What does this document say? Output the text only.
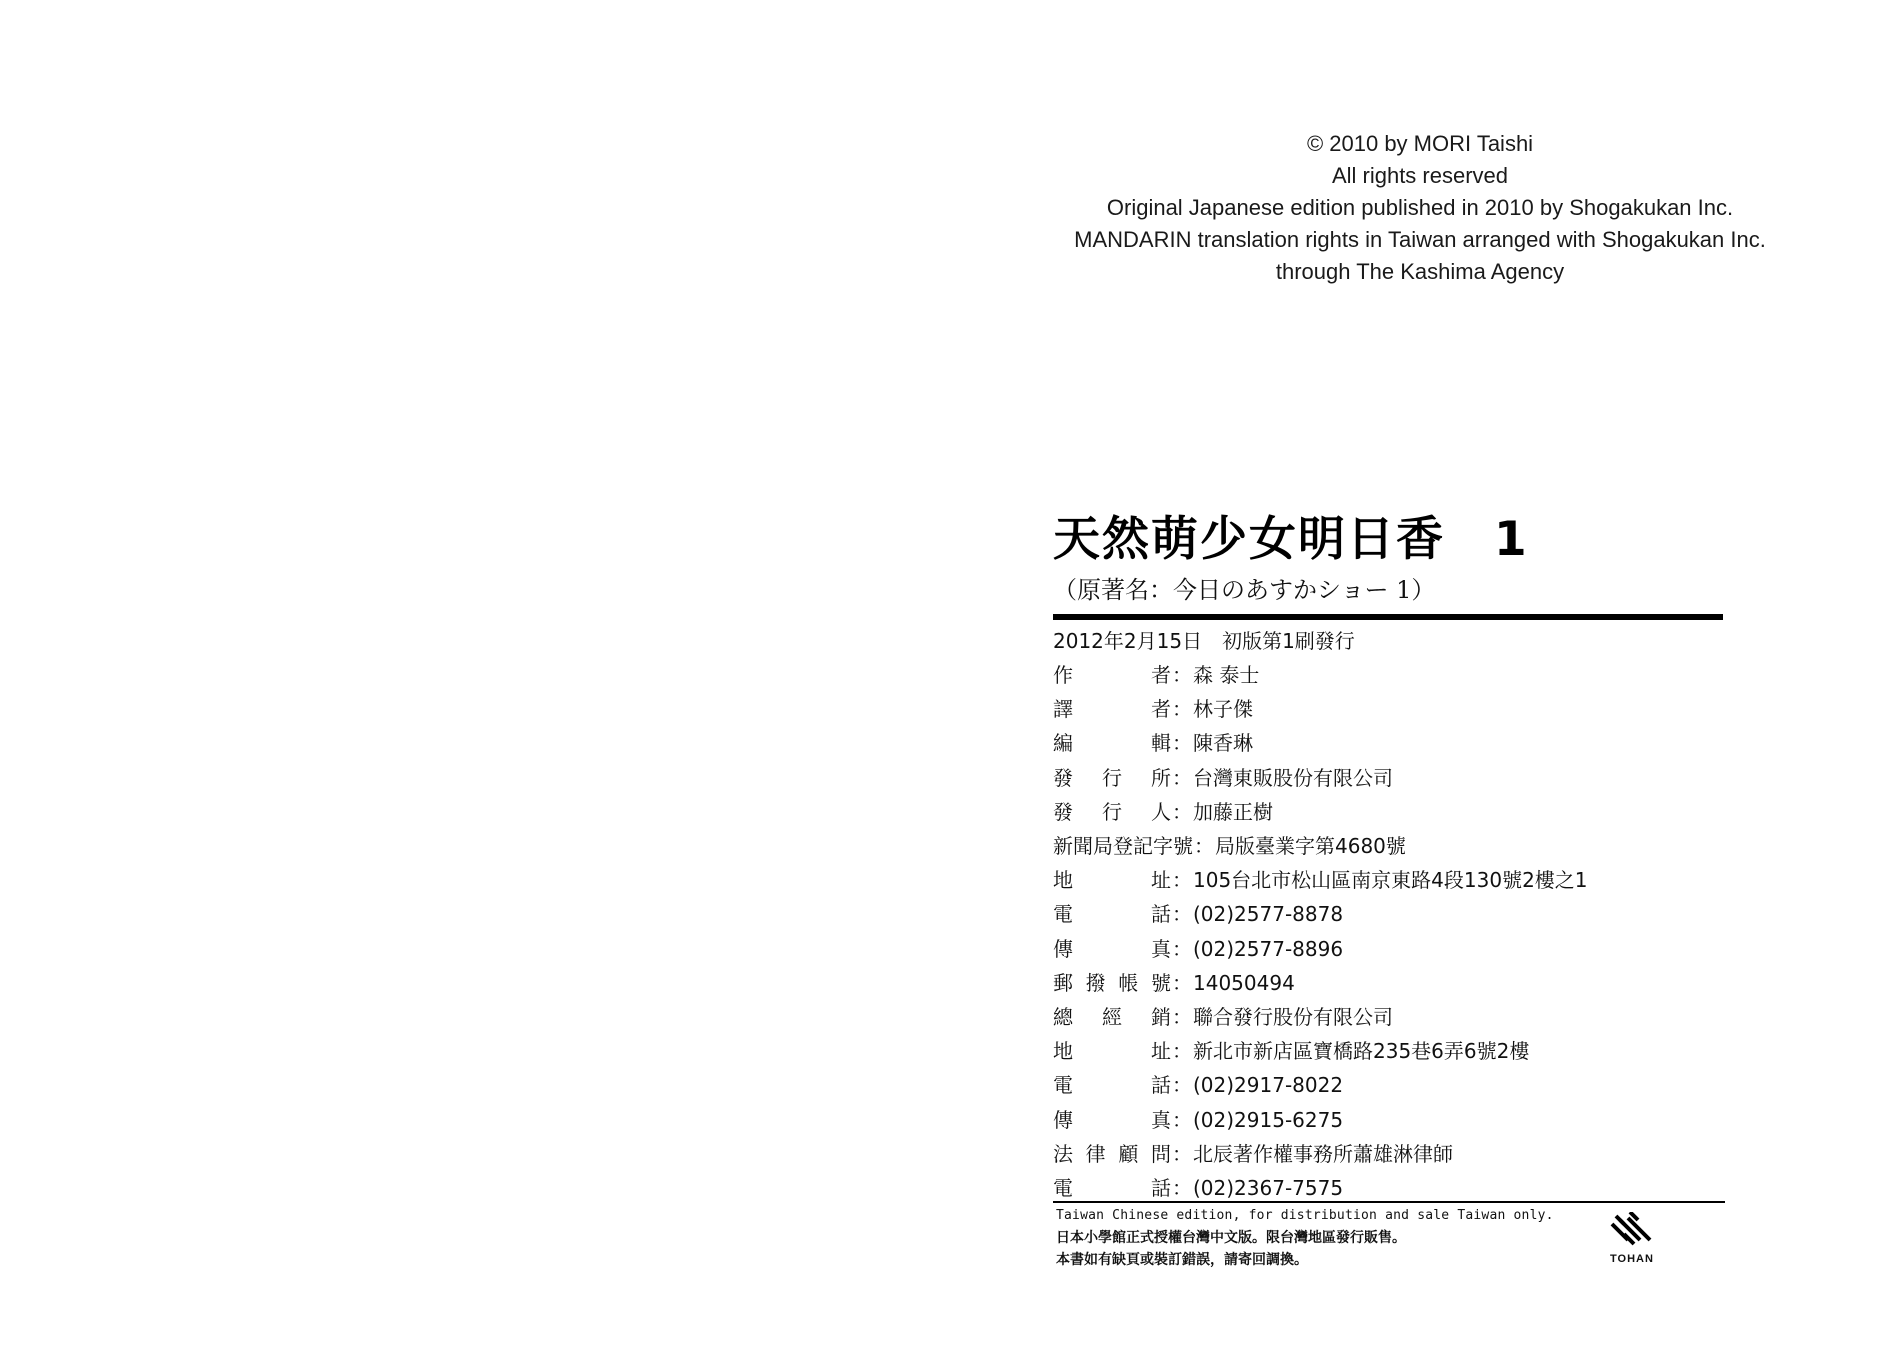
© 2010 by MORI Taishi
All rights reserved
Original Japanese edition published in 2010 by Shogakukan Inc.
MANDARIN translation rights in Taiwan arranged with Shogakukan Inc.
through The Kashima Agency
天然萌少女明日香　1
（原著名：今日のあすかショー 1）
2012年2月15日　初版第1刷發行
作　　者 ： 森 泰士
譯　　者 ： 林子傑
編　　輯 ： 陳香琳
發 行 所 ： 台灣東販股份有限公司
發 行 人 ： 加藤正樹
新聞局登記字號 ： 局版臺業字第4680號
地　　址 ： 105台北市松山區南京東路4段130號2樓之1
電　　話 ： (02)2577-8878
傳　　真 ： (02)2577-8896
郵撥帳號 ： 14050494
總 經 銷 ： 聯合發行股份有限公司
地　　址 ： 新北市新店區寶橋路235巷6弄6號2樓
電　　話 ： (02)2917-8022
傳　　真 ： (02)2915-6275
法律顧問 ： 北辰著作權事務所蕭雄淋律師
電　　話 ： (02)2367-7575
Taiwan Chinese edition, for distribution and sale Taiwan only.
日本小學館正式授權台灣中文版。限台灣地區發行販售。
本書如有缺頁或裝訂錯誤，請寄回調換。	TOHAN
